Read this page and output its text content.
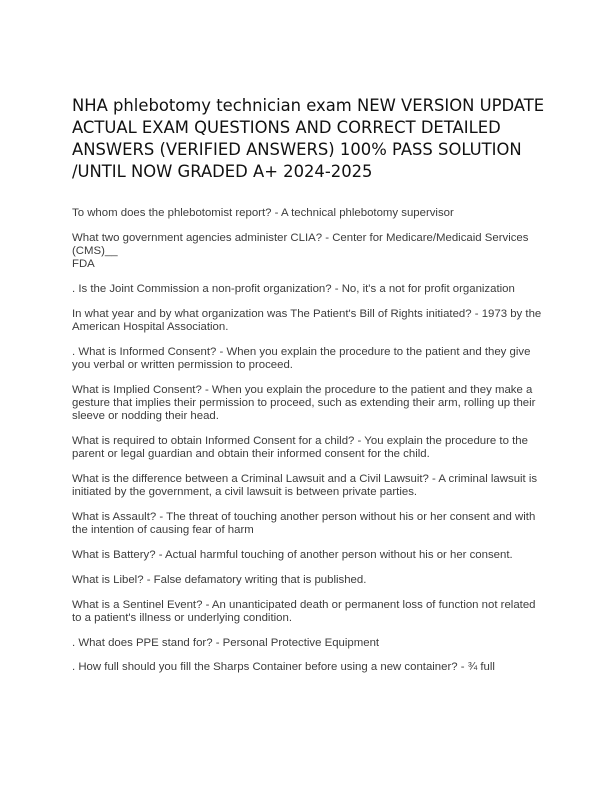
NHA phlebotomy technician exam NEW VERSION UPDATE ACTUAL EXAM QUESTIONS AND CORRECT DETAILED ANSWERS (VERIFIED ANSWERS) 100% PASS SOLUTION /UNTIL NOW GRADED A+ 2024-2025
To whom does the phlebotomist report? - A technical phlebotomy supervisor
What two government agencies administer CLIA? - Center for Medicare/Medicaid Services (CMS)__
FDA
. Is the Joint Commission a non-profit organization? - No, it's a not for profit organization
In what year and by what organization was The Patient's Bill of Rights initiated? - 1973 by the American Hospital Association.
. What is Informed Consent? - When you explain the procedure to the patient and they give you verbal or written permission to proceed.
What is Implied Consent? - When you explain the procedure to the patient and they make a gesture that implies their permission to proceed, such as extending their arm, rolling up their sleeve or nodding their head.
What is required to obtain Informed Consent for a child? - You explain the procedure to the parent or legal guardian and obtain their informed consent for the child.
What is the difference between a Criminal Lawsuit and a Civil Lawsuit? - A criminal lawsuit is initiated by the government, a civil lawsuit is between private parties.
What is Assault? - The threat of touching another person without his or her consent and with the intention of causing fear of harm
What is Battery? - Actual harmful touching of another person without his or her consent.
What is Libel? - False defamatory writing that is published.
What is a Sentinel Event? - An unanticipated death or permanent loss of function not related to a patient's illness or underlying condition.
. What does PPE stand for? - Personal Protective Equipment
. How full should you fill the Sharps Container before using a new container? - ¾ full
